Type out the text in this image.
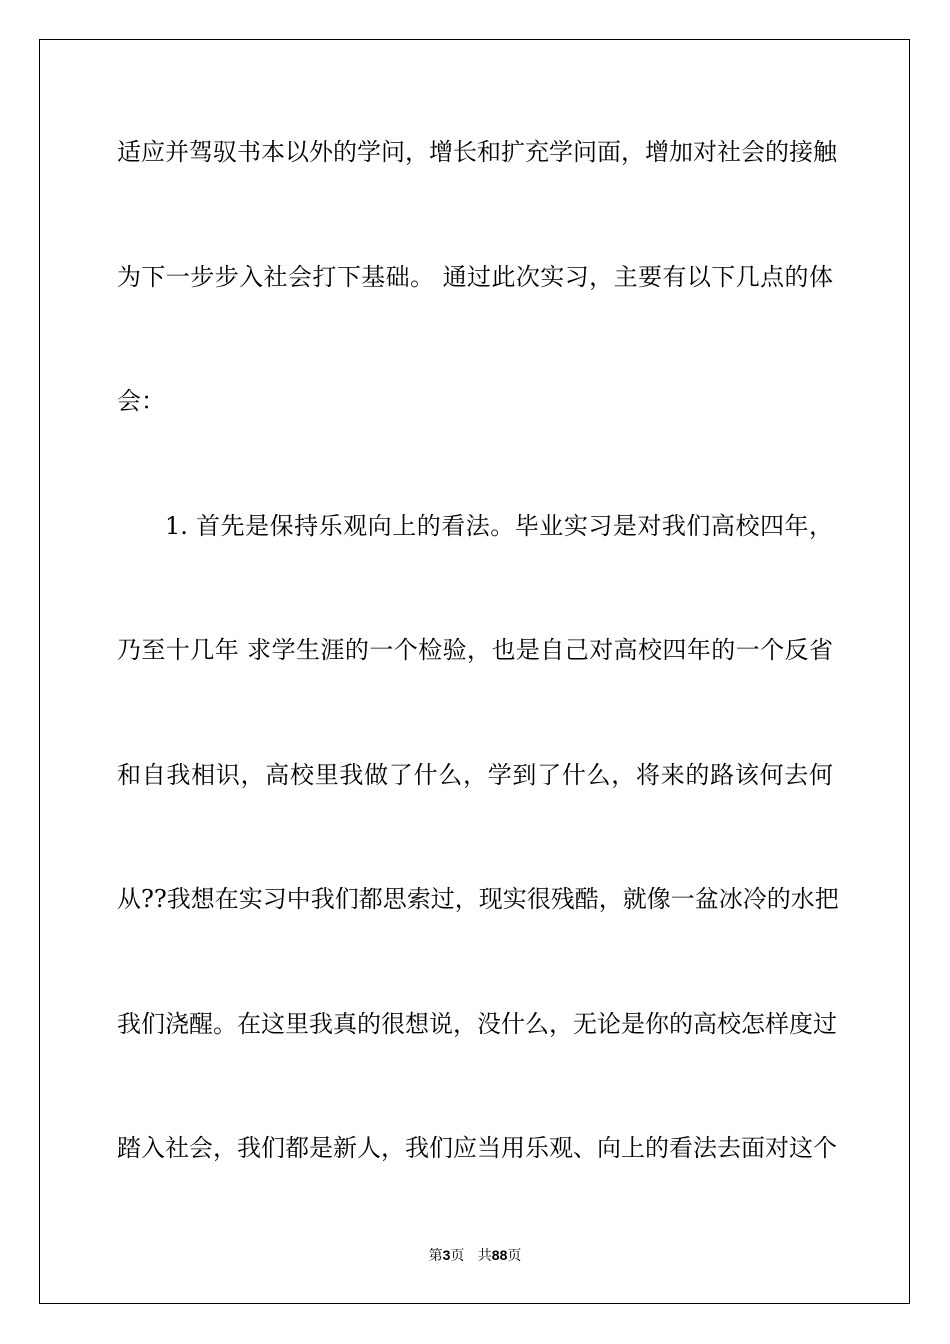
适应并驾驭书本以外的学问，增长和扩充学问面，增加对社会的接触
为下一步步入社会打下基础。 通过此次实习，主要有以下几点的体
会：
1. 首先是保持乐观向上的看法。毕业实习是对我们高校四年，
乃至十几年 求学生涯的一个检验，也是自己对高校四年的一个反省
和自我相识，高校里我做了什么，学到了什么，将来的路该何去何
从??我想在实习中我们都思索过，现实很残酷，就像一盆冰冷的水把
我们浇醒。在这里我真的很想说，没什么，无论是你的高校怎样度过
踏入社会，我们都是新人，我们应当用乐观、向上的看法去面对这个
第3页   共88页
